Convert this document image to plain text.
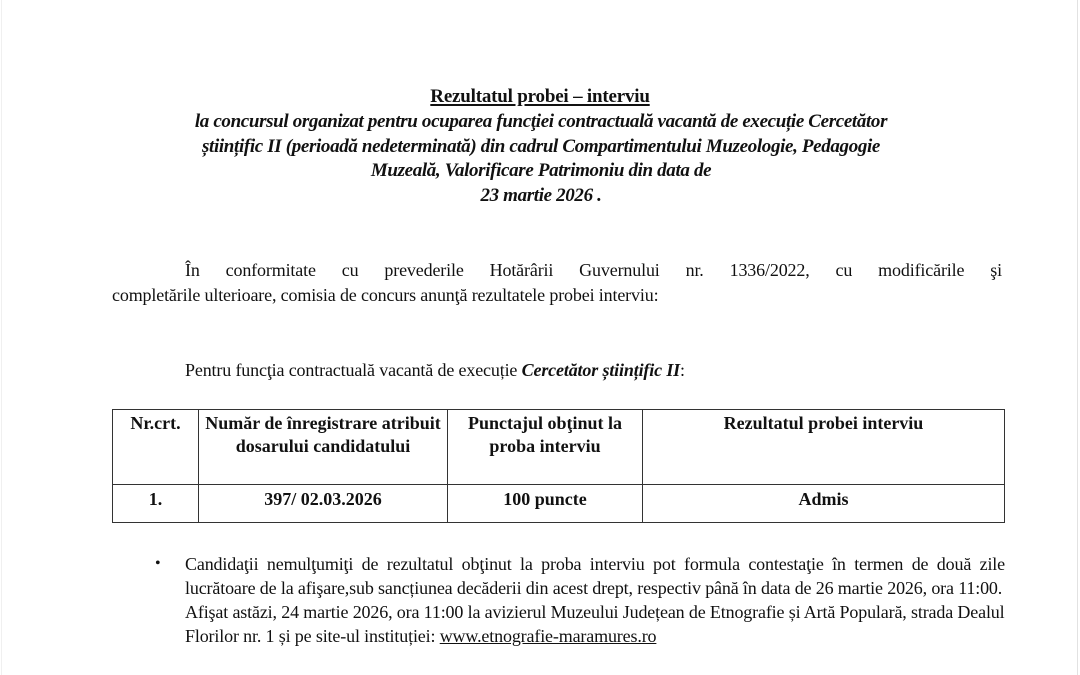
Rezultatul probei – interviu
la concursul organizat pentru ocuparea funcţiei contractuală vacantă de execuție Cercetător
științific II (perioadă nedeterminată) din cadrul Compartimentului Muzeologie, Pedagogie
Muzeală, Valorificare Patrimoniu din data de
23 martie 2026 .
În conformitate cu prevederile Hotărârii Guvernului nr. 1336/2022, cu modificările şi
completările ulterioare, comisia de concurs anunţă rezultatele probei interviu:
Pentru funcţia contractuală vacantă de execuție Cercetător științific II:
Nr.crt.	Număr de înregistrare atribuit dosarului candidatului	Punctajul obţinut la proba interviu	Rezultatul probei interviu
1.	397/ 02.03.2026	100 puncte	Admis
• Candidaţii nemulţumiţi de rezultatul obţinut la proba interviu pot formula contestaţie în termen de două zile lucrătoare de la afişare,sub sancțiunea decăderii din acest drept, respectiv până în data de 26 martie 2026, ora 11:00.
Afişat astăzi, 24 martie 2026, ora 11:00 la avizierul Muzeului Județean de Etnografie și Artă Populară, strada Dealul Florilor nr. 1 și pe site-ul instituției: www.etnografie-maramures.ro
